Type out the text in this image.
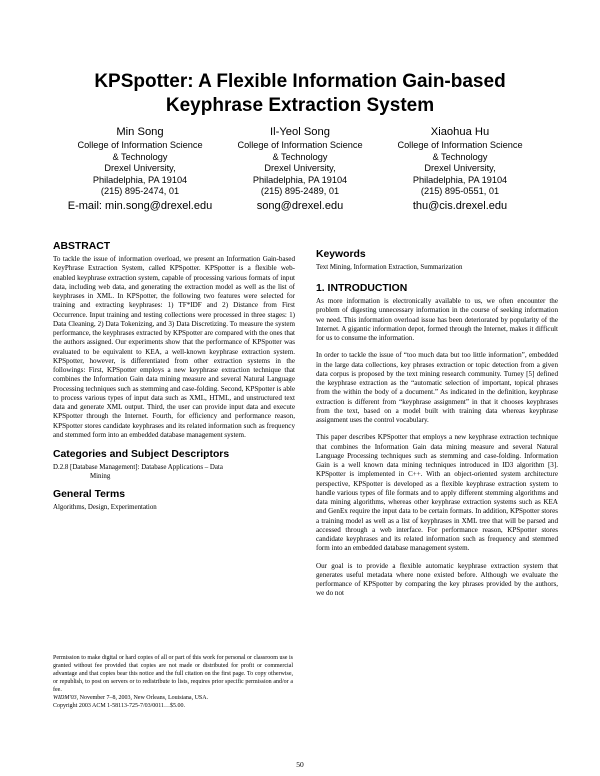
KPSpotter: A Flexible Information Gain-based
Keyphrase Extraction System
Min Song
College of Information Science
& Technology
Drexel University,
Philadelphia, PA 19104
(215) 895-2474, 01
E-mail: min.song@drexel.edu
Il-Yeol Song
College of Information Science
& Technology
Drexel University,
Philadelphia, PA 19104
(215) 895-2489, 01
song@drexel.edu
Xiaohua Hu
College of Information Science
& Technology
Drexel University,
Philadelphia, PA 19104
(215) 895-0551, 01
thu@cis.drexel.edu
ABSTRACT

To tackle the issue of information overload, we present an Information Gain-based KeyPhrase Extraction System, called KPSpotter. KPSpotter is a flexible web-enabled keyphrase extraction system, capable of processing various formats of input data, including web data, and generating the extraction model as well as the list of keyphrases in XML. In KPSpotter, the following two features were selected for training and extracting keyphrases: 1) TF*IDF and 2) Distance from First Occurrence. Input training and testing collections were processed in three stages: 1) Data Cleaning, 2) Data Tokenizing, and 3) Data Discretizing. To measure the system performance, the keyphrases extracted by KPSpotter are compared with the ones that the authors assigned. Our experiments show that the performance of KPSpotter was evaluated to be equivalent to KEA, a well-known keyphrase extraction system. KPSpotter, however, is differentiated from other extraction systems in the followings: First, KPSpotter employs a new keyphrase extraction technique that combines the Information Gain data mining measure and several Natural Language Processing techniques such as stemming and case-folding. Second, KPSpotter is able to process various types of input data such as XML, HTML, and unstructured text data and generate XML output. Third, the user can provide input data and execute KPSpotter through the Internet. Fourth, for efficiency and performance reason, KPSpotter stores candidate keyphrases and its related information such as frequency and stemmed form into an embedded database management system.

Categories and Subject Descriptors
D.2.8 [Database Management]: Database Applications – Data
Mining
General Terms
Algorithms, Design, Experimentation
Permission to make digital or hard copies of all or part of this work for personal or classroom use is granted without fee provided that copies are not made or distributed for profit or commercial advantage and that copies bear this notice and the full citation on the first page. To copy otherwise, or republish, to post on servers or to redistribute to lists, requires prior specific permission and/or a fee.
WIDM'03, November 7–8, 2003, New Orleans, Louisiana, USA.
Copyright 2003 ACM 1-58113-725-7/03/0011…$5.00.
Keywords
Text Mining, Information Extraction, Summarization
1. INTRODUCTION

As more information is electronically available to us, we often encounter the problem of digesting unnecessary information in the course of seeking information we need. This information overload issue has been deteriorated by popularity of the Internet. A gigantic information depot, formed through the Internet, makes it difficult for us to consume the information.

In order to tackle the issue of “too much data but too little information”, embedded in the large data collections, key phrases extraction or topic detection from a given data corpus is proposed by the text mining research community. Turney [5] defined the keyphrase extraction as the “automatic selection of important, topical phrases from the within the body of a document.” As indicated in the definition, keyphrase extraction is different from “keyphrase assignment” in that it chooses keyphrases from the text, based on a model built with training data whereas keyphrase assignment uses the control vocabulary.

This paper describes KPSpotter that employs a new keyphrase extraction technique that combines the Information Gain data mining measure and several Natural Language Processing techniques such as stemming and case-folding. Information Gain is a well known data mining techniques introduced in ID3 algorithm [3]. KPSpotter is implemented in C++. With an object-oriented system architecture perspective, KPSpotter is developed as a flexible keyphrase extraction system to handle various types of file formats and to apply different stemming algorithms and data mining algorithms, whereas other keyphrase extraction systems such as KEA and GenEx require the input data to be certain formats. In addition, KPSpotter stores a training model as well as a list of keyphrases in XML tree that will be parsed and accessed through a web interface. For performance reason, KPSpotter stores candidate keyphrases and its related information such as frequency and stemmed form into an embedded database management system.

Our goal is to provide a flexible automatic keyphrase extraction system that generates useful metadata where none existed before. Although we evaluate the performance of KPSpotter by comparing the key phrases provided by the authors, we do not

50
